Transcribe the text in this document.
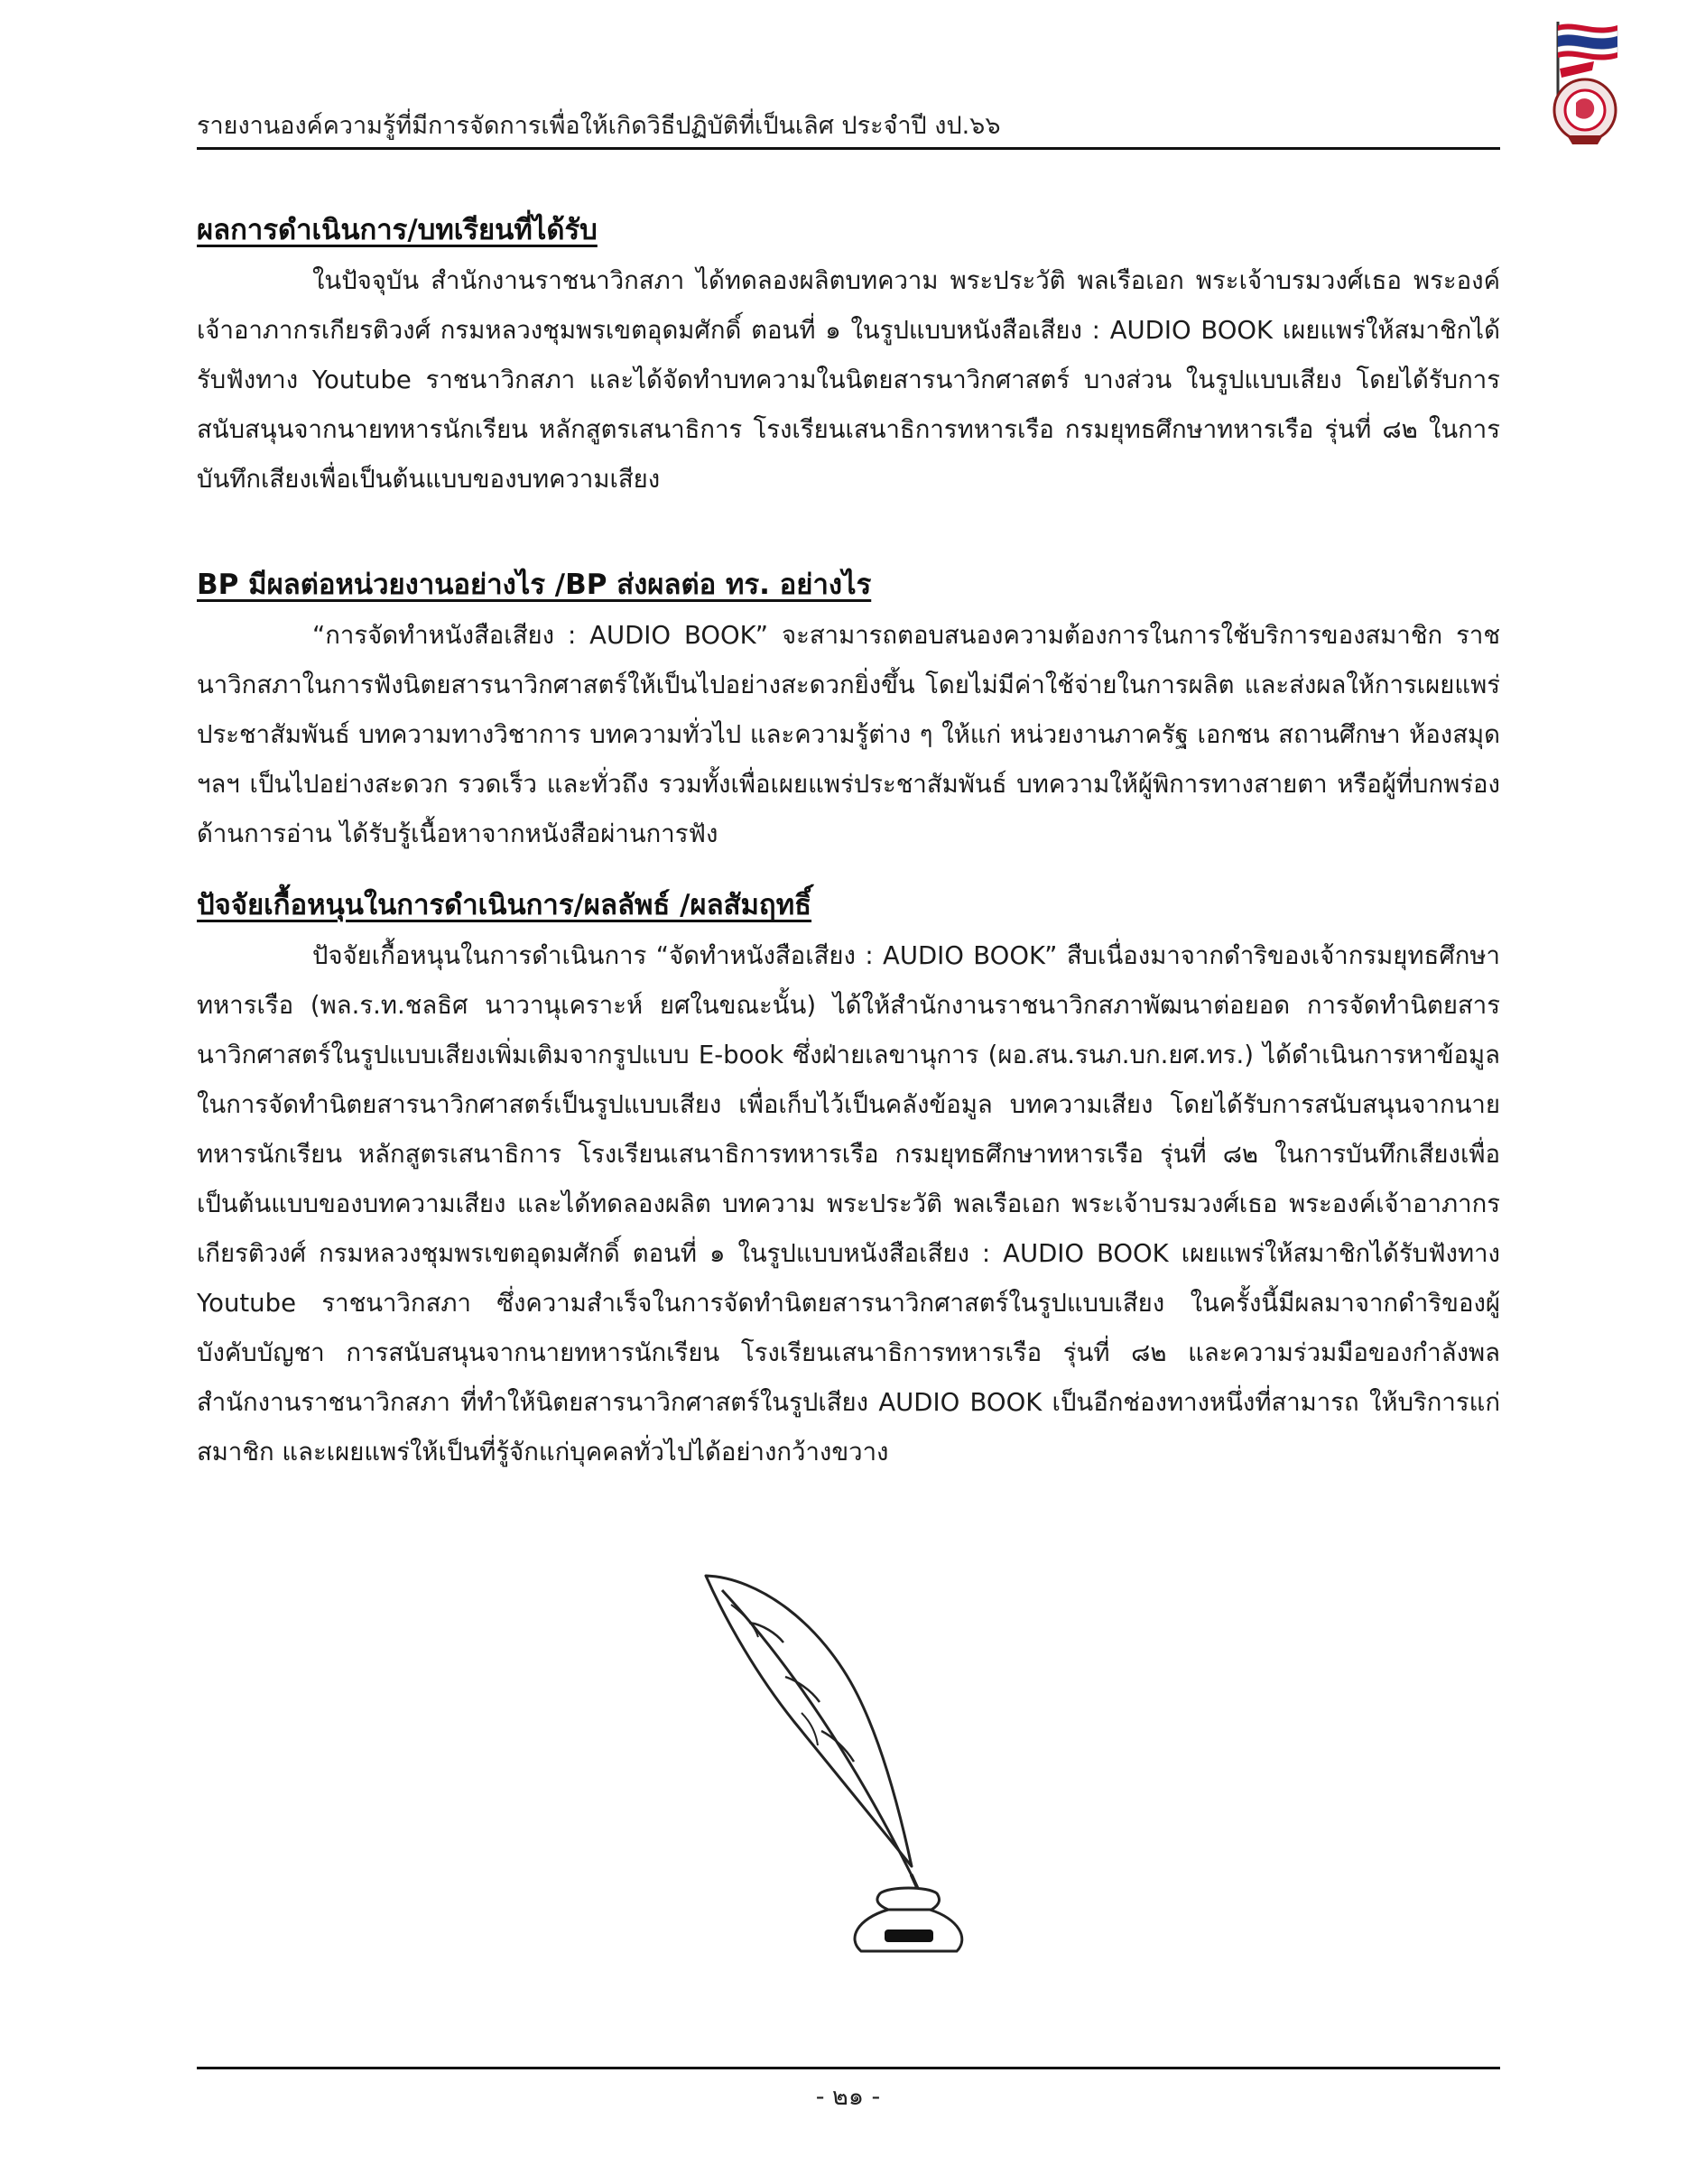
รายงานองค์ความรู้ที่มีการจัดการเพื่อให้เกิดวิธีปฏิบัติที่เป็นเลิศ ประจำปี งป.๖๖
ผลการดำเนินการ/บทเรียนที่ได้รับ

ในปัจจุบัน สำนักงานราชนาวิกสภา ได้ทดลองผลิตบทความ พระประวัติ พลเรือเอก พระเจ้าบรมวงศ์เธอ พระองค์เจ้าอาภากรเกียรติวงศ์ กรมหลวงชุมพรเขตอุดมศักดิ์ ตอนที่ ๑ ในรูปแบบหนังสือเสียง : AUDIO BOOK เผยแพร่ให้สมาชิกได้รับฟังทาง Youtube ราชนาวิกสภา และได้จัดทำบทความในนิตยสารนาวิกศาสตร์ บางส่วน ในรูปแบบเสียง โดยได้รับการสนับสนุนจากนายทหารนักเรียน หลักสูตรเสนาธิการ โรงเรียนเสนาธิการทหารเรือ กรมยุทธศึกษาทหารเรือ รุ่นที่ ๘๒ ในการบันทึกเสียงเพื่อเป็นต้นแบบของบทความเสียง

BP มีผลต่อหน่วยงานอย่างไร /BP ส่งผลต่อ ทร. อย่างไร

“การจัดทำหนังสือเสียง : AUDIO BOOK” จะสามารถตอบสนองความต้องการในการใช้บริการของสมาชิก ราชนาวิกสภาในการฟังนิตยสารนาวิกศาสตร์ให้เป็นไปอย่างสะดวกยิ่งขึ้น โดยไม่มีค่าใช้จ่ายในการผลิต และส่งผลให้การเผยแพร่ประชาสัมพันธ์ บทความทางวิชาการ บทความทั่วไป และความรู้ต่าง ๆ ให้แก่ หน่วยงานภาครัฐ เอกชน สถานศึกษา ห้องสมุด ฯลฯ เป็นไปอย่างสะดวก รวดเร็ว และทั่วถึง รวมทั้งเพื่อเผยแพร่ประชาสัมพันธ์ บทความให้ผู้พิการทางสายตา หรือผู้ที่บกพร่องด้านการอ่าน ได้รับรู้เนื้อหาจากหนังสือผ่านการฟัง

ปัจจัยเกื้อหนุนในการดำเนินการ/ผลลัพธ์ /ผลสัมฤทธิ์

ปัจจัยเกื้อหนุนในการดำเนินการ “จัดทำหนังสือเสียง : AUDIO BOOK” สืบเนื่องมาจากดำริของเจ้ากรมยุทธศึกษาทหารเรือ (พล.ร.ท.ชลธิศ นาวานุเคราะห์ ยศในขณะนั้น) ได้ให้สำนักงานราชนาวิกสภาพัฒนาต่อยอด การจัดทำนิตยสารนาวิกศาสตร์ในรูปแบบเสียงเพิ่มเติมจากรูปแบบ E-book ซึ่งฝ่ายเลขานุการ (ผอ.สน.รนภ.บก.ยศ.ทร.) ได้ดำเนินการหาข้อมูลในการจัดทำนิตยสารนาวิกศาสตร์เป็นรูปแบบเสียง เพื่อเก็บไว้เป็นคลังข้อมูล บทความเสียง โดยได้รับการสนับสนุนจากนายทหารนักเรียน หลักสูตรเสนาธิการ โรงเรียนเสนาธิการทหารเรือ กรมยุทธศึกษาทหารเรือ รุ่นที่ ๘๒ ในการบันทึกเสียงเพื่อเป็นต้นแบบของบทความเสียง และได้ทดลองผลิต บทความ พระประวัติ พลเรือเอก พระเจ้าบรมวงศ์เธอ พระองค์เจ้าอาภากรเกียรติวงศ์ กรมหลวงชุมพรเขตอุดมศักดิ์ ตอนที่ ๑ ในรูปแบบหนังสือเสียง : AUDIO BOOK เผยแพร่ให้สมาชิกได้รับฟังทาง Youtube ราชนาวิกสภา ซึ่งความสำเร็จในการจัดทำนิตยสารนาวิกศาสตร์ในรูปแบบเสียง ในครั้งนี้มีผลมาจากดำริของผู้บังคับบัญชา การสนับสนุนจากนายทหารนักเรียน โรงเรียนเสนาธิการทหารเรือ รุ่นที่ ๘๒ และความร่วมมือของกำลังพล สำนักงานราชนาวิกสภา ที่ทำให้นิตยสารนาวิกศาสตร์ในรูปเสียง AUDIO BOOK เป็นอีกช่องทางหนึ่งที่สามารถ ให้บริการแก่สมาชิก และเผยแพร่ให้เป็นที่รู้จักแก่บุคคลทั่วไปได้อย่างกว้างขวาง

- ๒๑ -
